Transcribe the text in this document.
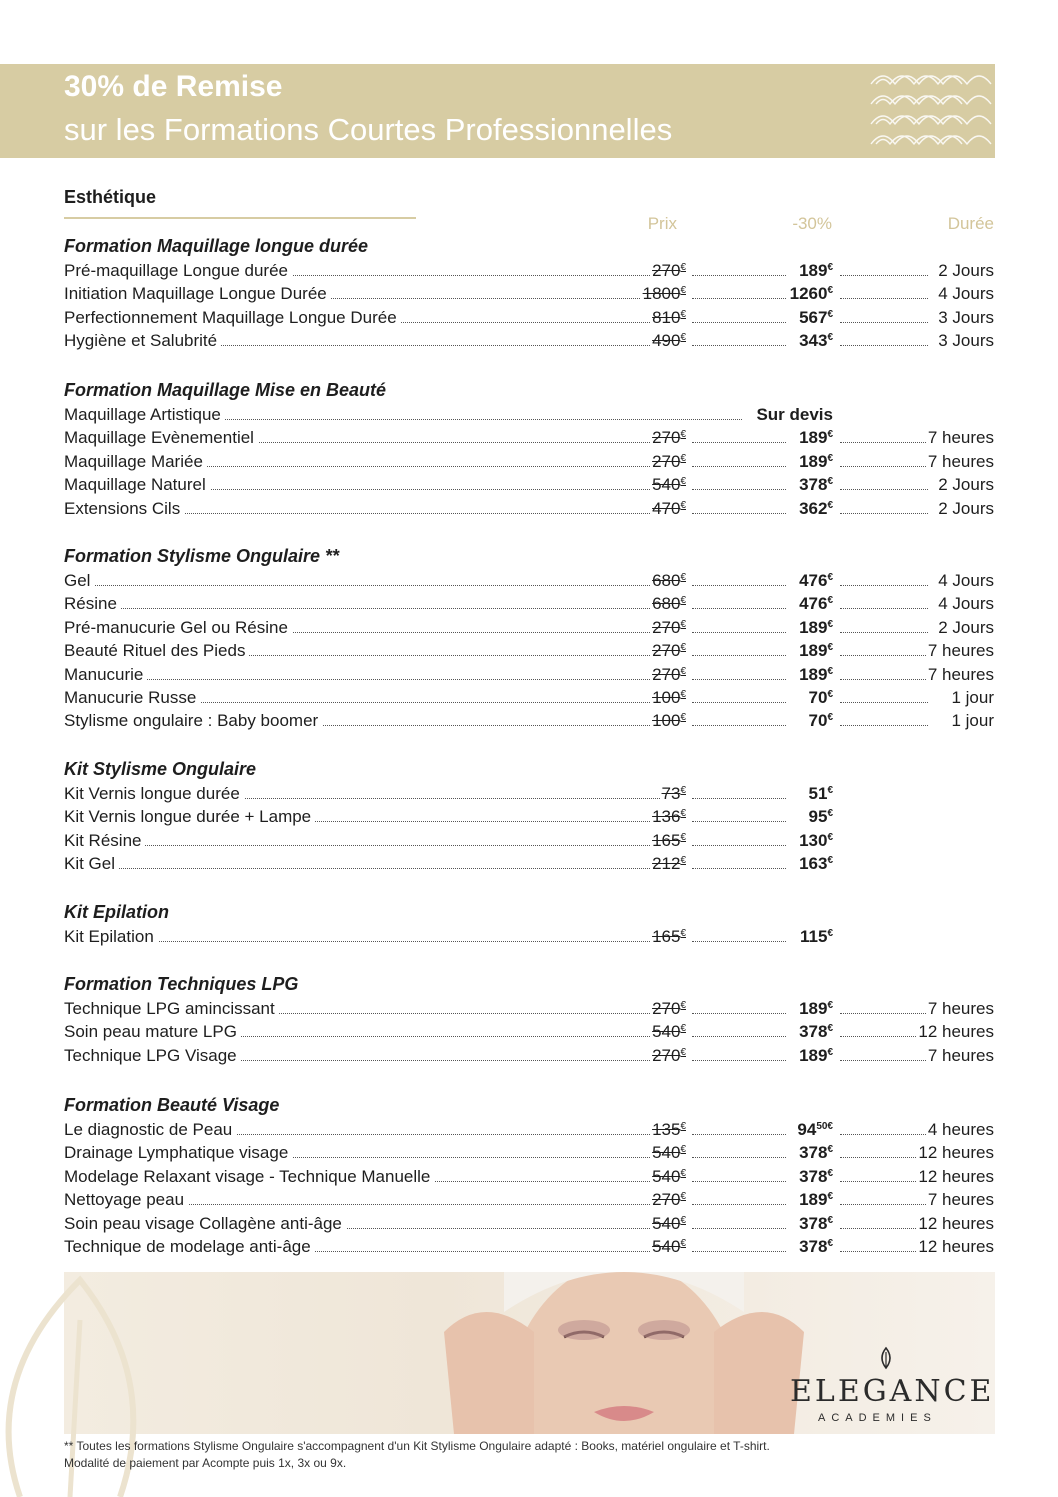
30% de Remise
sur les Formations Courtes Professionnelles
Esthétique
Prix	-30%	Durée
Formation Maquillage longue durée
Pré-maquillage Longue durée	270€	189€	2 Jours
Initiation Maquillage Longue Durée	1800€	1260€	4 Jours
Perfectionnement Maquillage Longue Durée	810€	567€	3 Jours
Hygiène et Salubrité	490€	343€	3 Jours
Formation Maquillage Mise en Beauté
Maquillage Artistique	Sur devis
Maquillage Evènementiel	270€	189€	7 heures
Maquillage Mariée	270€	189€	7 heures
Maquillage Naturel	540€	378€	2 Jours
Extensions Cils	470€	362€	2 Jours
Formation Stylisme Ongulaire **
Gel	680€	476€	4 Jours
Résine	680€	476€	4 Jours
Pré-manucurie Gel ou Résine	270€	189€	2 Jours
Beauté Rituel des Pieds	270€	189€	7 heures
Manucurie	270€	189€	7 heures
Manucurie Russe	100€	70€	1 jour
Stylisme ongulaire : Baby boomer	100€	70€	1 jour
Kit Stylisme Ongulaire
Kit Vernis longue durée	73€	51€
Kit Vernis longue durée + Lampe	136€	95€
Kit Résine	165€	130€
Kit Gel	212€	163€
Kit Epilation
Kit Epilation	165€	115€
Formation Techniques LPG
Technique LPG amincissant	270€	189€	7 heures
Soin peau mature LPG	540€	378€	12 heures
Technique LPG Visage	270€	189€	7 heures
Formation Beauté Visage
Le diagnostic de Peau	135€	$94^{50€}$	4 heures
Drainage Lymphatique visage	540€	378€	12 heures
Modelage Relaxant visage - Technique Manuelle	540€	378€	12 heures
Nettoyage peau	270€	189€	7 heures
Soin peau visage Collagène anti-âge	540€	378€	12 heures
Technique de modelage anti-âge	540€	378€	12 heures
ELEGANCE
ACADEMIES
** Toutes les formations Stylisme Ongulaire s'accompagnent d'un Kit Stylisme Ongulaire adapté : Books, matériel ongulaire et T-shirt.
Modalité de paiement par Acompte puis 1x, 3x ou 9x.
